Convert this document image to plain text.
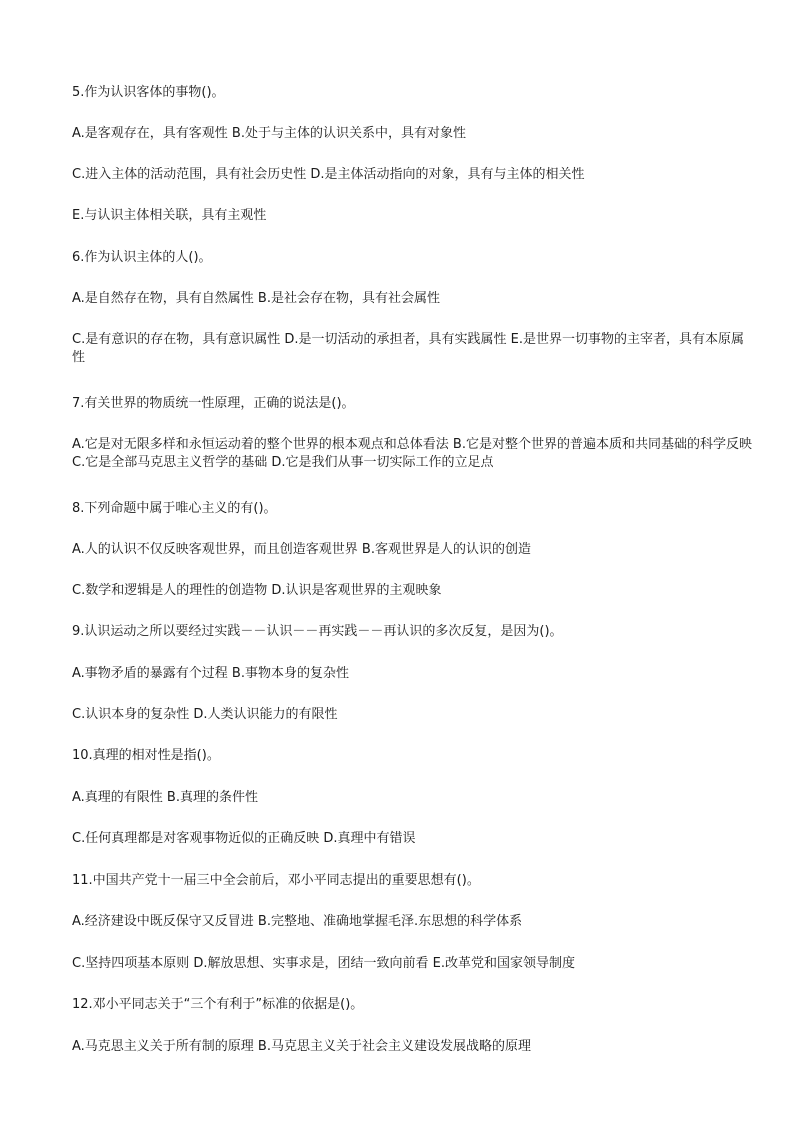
5.作为认识客体的事物()。
A.是客观存在，具有客观性 B.处于与主体的认识关系中，具有对象性
C.进入主体的活动范围，具有社会历史性 D.是主体活动指向的对象，具有与主体的相关性
E.与认识主体相关联，具有主观性
6.作为认识主体的人()。
A.是自然存在物，具有自然属性 B.是社会存在物，具有社会属性
C.是有意识的存在物，具有意识属性 D.是一切活动的承担者，具有实践属性 E.是世界一切事物的主宰者，具有本原属性
7.有关世界的物质统一性原理，正确的说法是()。
A.它是对无限多样和永恒运动着的整个世界的根本观点和总体看法 B.它是对整个世界的普遍本质和共同基础的科学反映 C.它是全部马克思主义哲学的基础 D.它是我们从事一切实际工作的立足点
8.下列命题中属于唯心主义的有()。
A.人的认识不仅反映客观世界，而且创造客观世界 B.客观世界是人的认识的创造
C.数学和逻辑是人的理性的创造物 D.认识是客观世界的主观映象
9.认识运动之所以要经过实践－－认识－－再实践－－再认识的多次反复，是因为()。
A.事物矛盾的暴露有个过程 B.事物本身的复杂性
C.认识本身的复杂性 D.人类认识能力的有限性
10.真理的相对性是指()。
A.真理的有限性 B.真理的条件性
C.任何真理都是对客观事物近似的正确反映 D.真理中有错误
11.中国共产党十一届三中全会前后，邓小平同志提出的重要思想有()。
A.经济建设中既反保守又反冒进 B.完整地、准确地掌握毛泽.东思想的科学体系
C.坚持四项基本原则 D.解放思想、实事求是，团结一致向前看 E.改革党和国家领导制度
12.邓小平同志关于“三个有利于”标准的依据是()。
A.马克思主义关于所有制的原理 B.马克思主义关于社会主义建设发展战略的原理
